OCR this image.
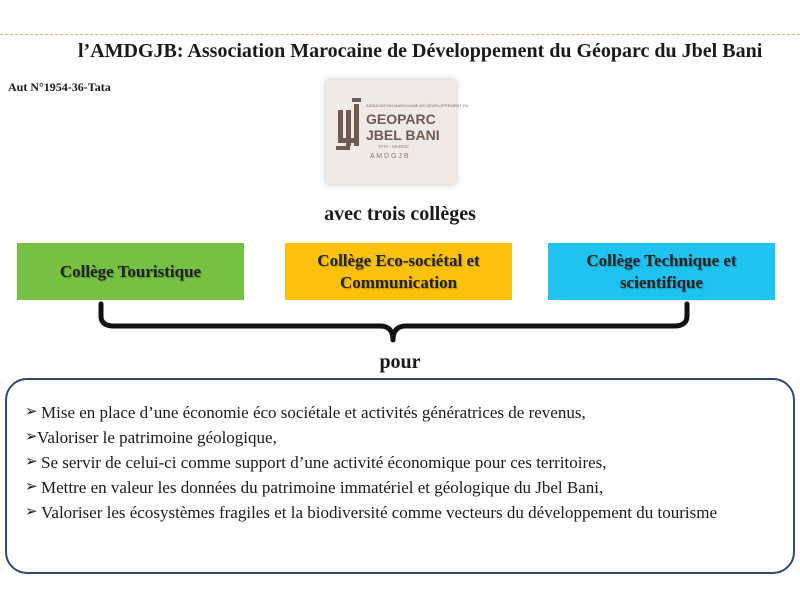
l’AMDGJB: Association Marocaine de Développement du Géoparc du Jbel Bani
Aut N°1954-36-Tata
ASSOCIATION MAROCAINE DE DÉVELOPPEMENT DU
GEOPARC
JBEL BANI
TATA - MAROC
A M D G J B
avec trois collèges
Collège Touristique
Collège Eco-sociétal et Communication
Collège Technique et scientifique
pour
➢ Mise en place d’une économie éco sociétale et activités génératrices de revenus,
➢ Valoriser le patrimoine géologique,
➢ Se servir de celui-ci comme support d’une activité économique pour ces territoires,
➢ Mettre en valeur les données du patrimoine immatériel et géologique du Jbel Bani,
➢ Valoriser les écosystèmes fragiles et la biodiversité comme vecteurs du développement du tourisme
